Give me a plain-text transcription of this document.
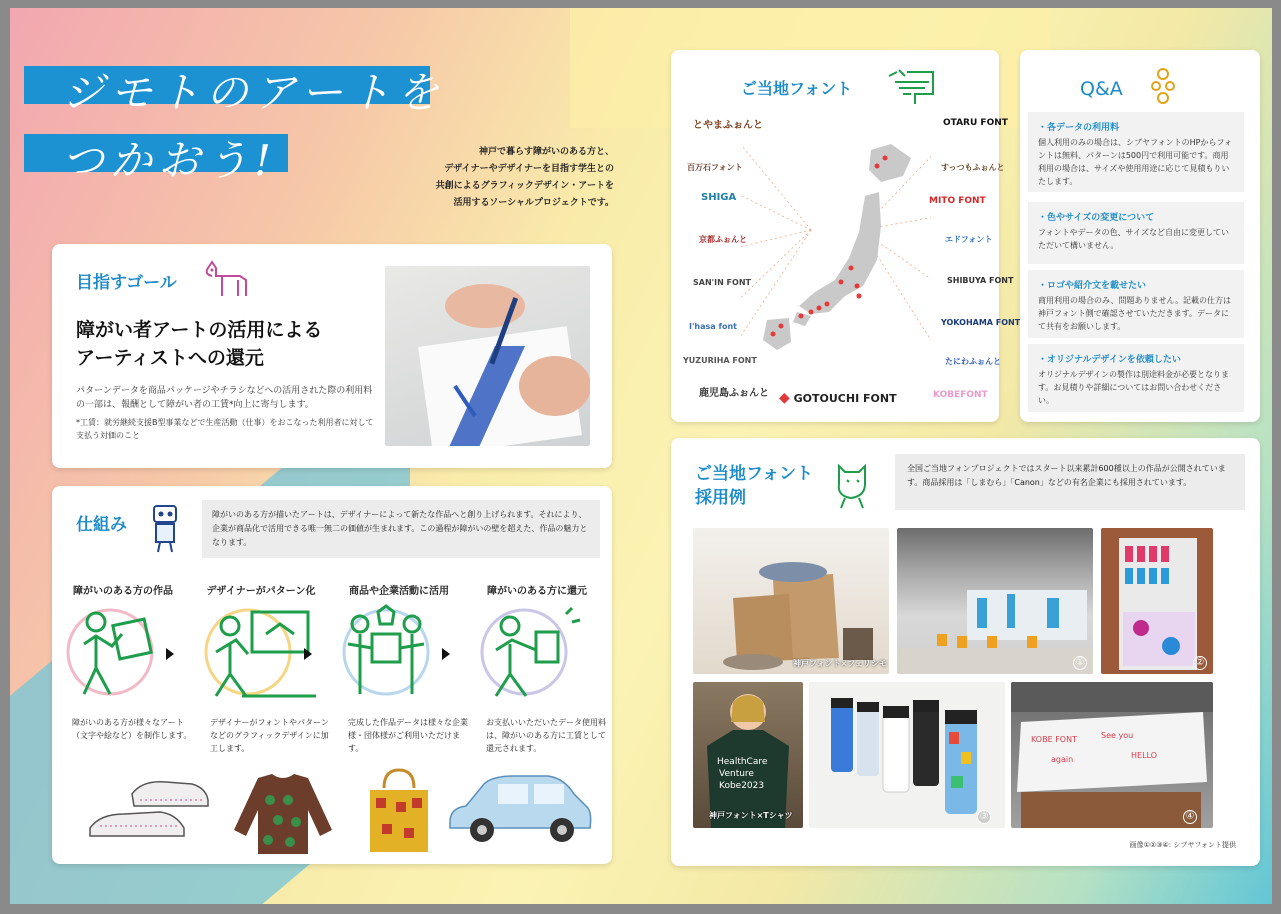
ジモトのアートを
つかおう!	神戸で暮らす障がいのある方と、
デザイナーやデザイナーを目指す学生との
共創によるグラフィックデザイン・アートを
活用するソーシャルプロジェクトです。
目指すゴール
障がい者アートの活用による
アーティストへの還元
パターンデータを商品パッケージやチラシなどへの活用された際の利用料の一部は、報酬として障がい者の工賃*向上に寄与します。
*工賃：就労継続支援B型事業などで生産活動（仕事）をおこなった利用者に対して支払う対価のこと
仕組み
障がいのある方が描いたアートは、デザイナーによって新たな作品へと創り上げられます。それにより、企業が商品化で活用できる唯一無二の価値が生まれます。この過程が障がいの壁を超えた、作品の魅力となります。
障がいのある方の作品	デザイナーがパターン化	商品や企業活動に活用	障がいのある方に還元
障がいのある方が様々なアート（文字や絵など）を制作します。
デザイナーがフォントやパターンなどのグラフィックデザインに加工します。
完成した作品データは様々な企業様・団体様がご利用いただけます。
お支払いいただいたデータ使用料は、障がいのある方に工賃として還元されます。
ご当地フォント
とやまふぉんと
百万石フォント
SHIGA
京都ふぉんと
SAN'IN FONT
I'hasa font
YUZURIHA FONT
鹿児島ふぉんと
OTARU FONT
すっつもふぉんと
MITO FONT
エドフォント
SHIBUYA FONT
YOKOHAMA FONT
たにわふぉんと
KOBEFONT
◆ GOTOUCHI FONT
Q&A
・各データの利用料
個人利用のみの場合は、シブヤフォントのHPからフォントは無料、パターンは500円で利用可能です。商用利用の場合は、サイズや使用用途に応じて見積もりいたします。
・色やサイズの変更について
フォントやデータの色、サイズなど自由に変更していただいて構いません。
・ロゴや紹介文を載せたい
商用利用の場合のみ、問題ありません。記載の仕方は神戸フォント側で確認させていただきます。データにて共有をお願いします。
・オリジナルデザインを依頼したい
オリジナルデザインの製作は別途料金が必要となります。お見積りや詳細についてはお問い合わせください。
ご当地フォント
採用例
全国ご当地フォンプロジェクトではスタート以来累計600種以上の作品が公開されています。商品採用は「しまむら」「Canon」などの有名企業にも採用されています。
神戸フォント×フェリシモ	①	②
HealthCare
Venture
Kobe2023
神戸フォント×Tシャツ	③
KOBE FONT	See you
again	HELLO
④
画像①②③④: シブヤフォント提供
